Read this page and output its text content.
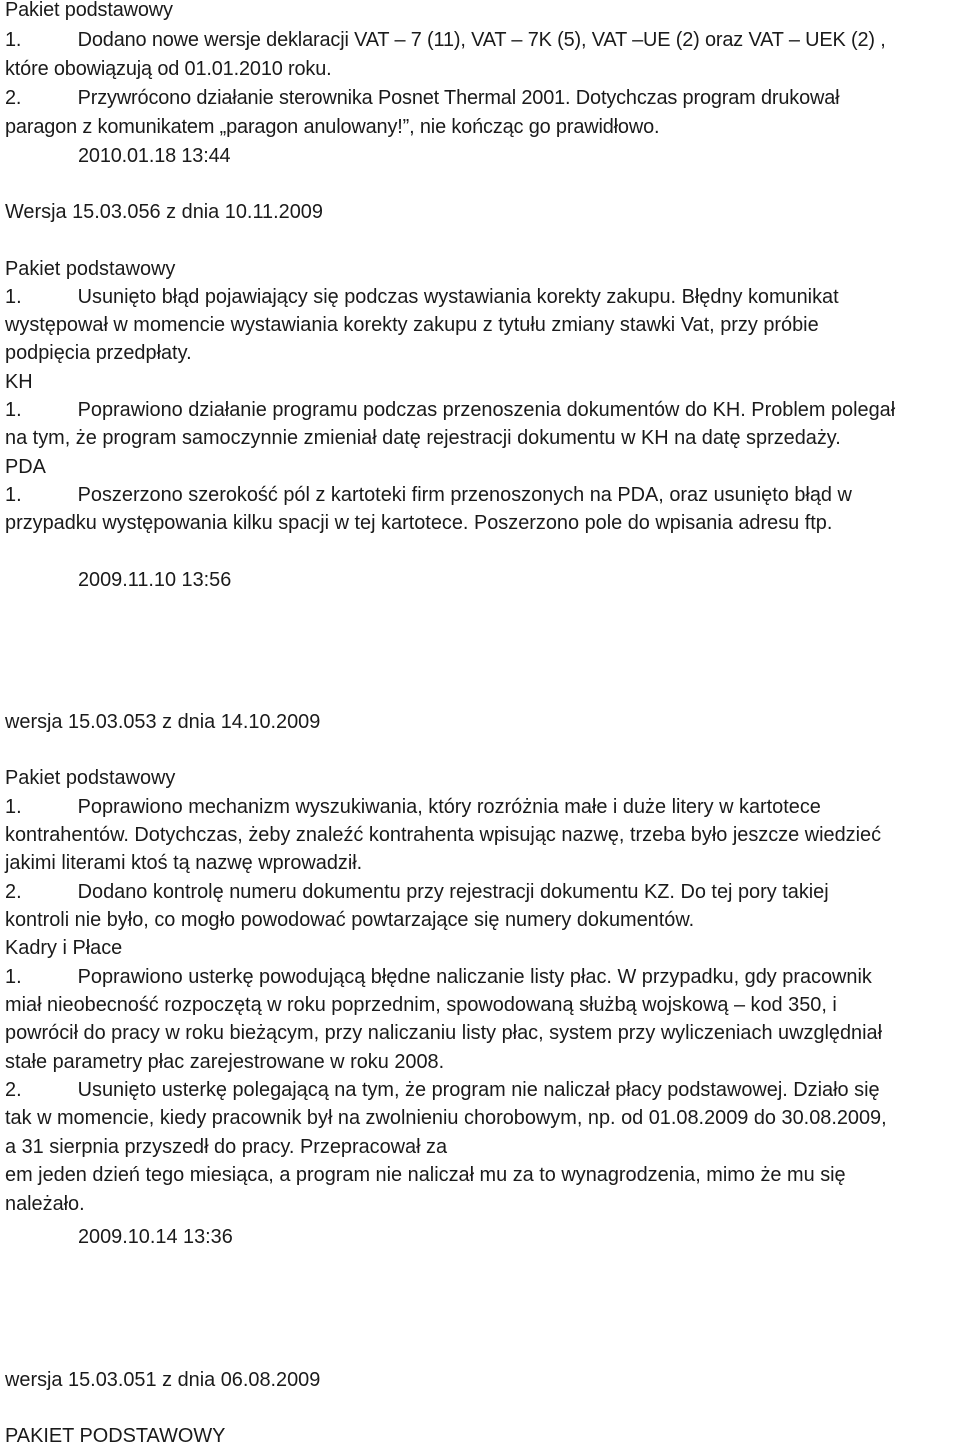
Pakiet podstawowy
1.	Dodano nowe wersje deklaracji VAT – 7 (11), VAT – 7K (5), VAT –UE (2) oraz VAT – UEK (2) ,
które obowiązują od 01.01.2010 roku.
2.	Przywrócono działanie sterownika Posnet Thermal 2001. Dotychczas program drukował
paragon z komunikatem „paragon anulowany!”, nie kończąc go prawidłowo.
2010.01.18 13:44
Wersja 15.03.056 z dnia 10.11.2009
Pakiet podstawowy
1.	Usunięto błąd pojawiający się podczas wystawiania korekty zakupu. Błędny komunikat
występował w momencie wystawiania korekty zakupu z tytułu zmiany stawki Vat, przy próbie
podpięcia przedpłaty.
KH
1.	Poprawiono działanie programu podczas przenoszenia dokumentów do KH. Problem polegał
na tym, że program samoczynnie zmieniał datę rejestracji dokumentu w KH na datę sprzedaży.
PDA
1.	Poszerzono szerokość pól z kartoteki firm przenoszonych na PDA, oraz usunięto błąd w
przypadku występowania kilku spacji w tej kartotece. Poszerzono pole do wpisania adresu ftp.
2009.11.10 13:56
wersja 15.03.053 z dnia 14.10.2009
Pakiet podstawowy
1.	Poprawiono mechanizm wyszukiwania, który rozróżnia małe i duże litery w kartotece
kontrahentów. Dotychczas, żeby znaleźć kontrahenta wpisując nazwę, trzeba było jeszcze wiedzieć
jakimi literami ktoś tą nazwę wprowadził.
2.	Dodano kontrolę numeru dokumentu przy rejestracji dokumentu KZ. Do tej pory takiej
kontroli nie było, co mogło powodować powtarzające się numery dokumentów.
Kadry i Płace
1.	Poprawiono usterkę powodującą błędne naliczanie listy płac. W przypadku, gdy pracownik
miał nieobecność rozpoczętą w roku poprzednim, spowodowaną służbą wojskową – kod 350, i
powrócił do pracy w roku bieżącym, przy naliczaniu listy płac, system przy wyliczeniach uwzględniał
stałe parametry płac zarejestrowane w roku 2008.
2.	Usunięto usterkę polegającą na tym, że program nie naliczał płacy podstawowej. Działo się
tak w momencie, kiedy pracownik był na zwolnieniu chorobowym, np. od 01.08.2009 do 30.08.2009,
a 31 sierpnia przyszedł do pracy. Przepracował za
em jeden dzień tego miesiąca, a program nie naliczał mu za to wynagrodzenia, mimo że mu się
należało.
2009.10.14 13:36
wersja 15.03.051 z dnia 06.08.2009
PAKIET PODSTAWOWY
